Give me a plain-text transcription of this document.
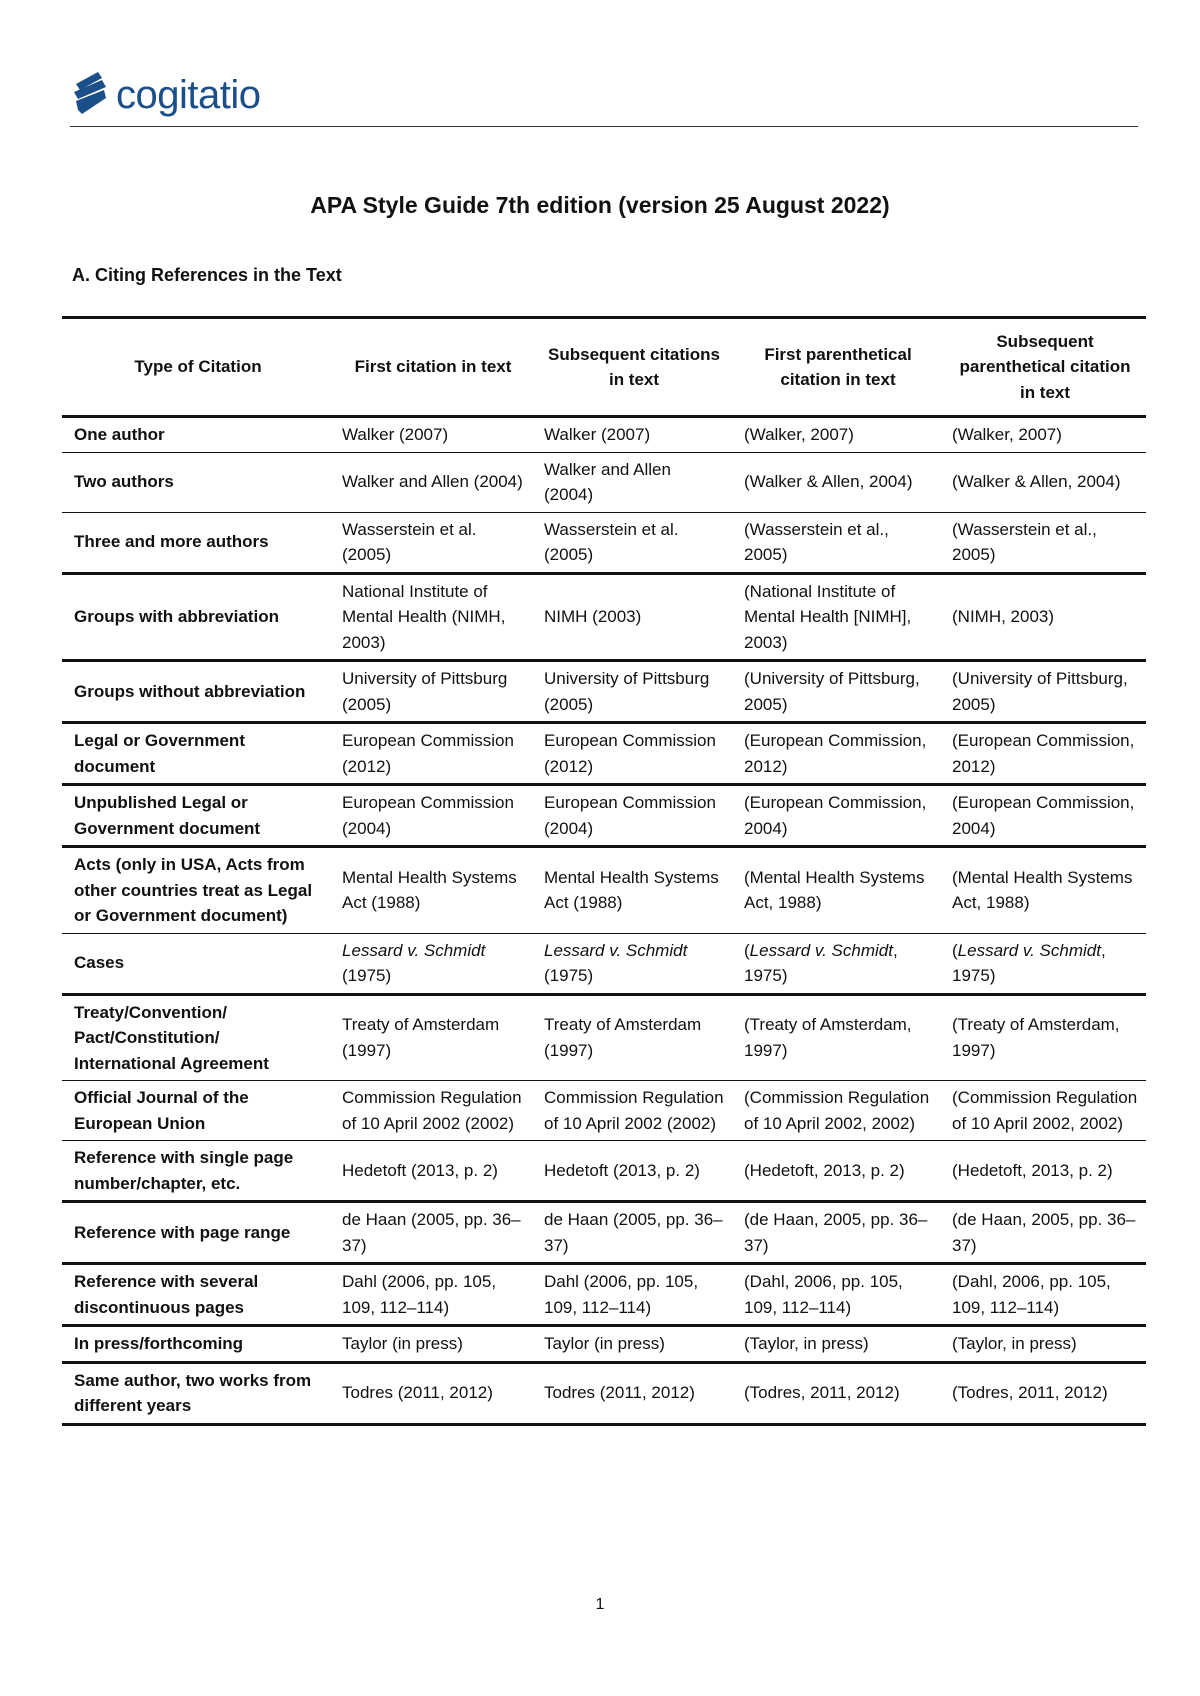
cogitatio
APA Style Guide 7th edition (version 25 August 2022)
A. Citing References in the Text
Type of Citation	First citation in text	Subsequent citations in text	First parenthetical citation in text	Subsequent parenthetical citation in text
One author	Walker (2007)	Walker (2007)	(Walker, 2007)	(Walker, 2007)
Two authors	Walker and Allen (2004)	Walker and Allen (2004)	(Walker & Allen, 2004)	(Walker & Allen, 2004)
Three and more authors	Wasserstein et al. (2005)	Wasserstein et al. (2005)	(Wasserstein et al., 2005)	(Wasserstein et al., 2005)
Groups with abbreviation	National Institute of Mental Health (NIMH, 2003)	NIMH (2003)	(National Institute of Mental Health [NIMH], 2003)	(NIMH, 2003)
Groups without abbreviation	University of Pittsburg (2005)	University of Pittsburg (2005)	(University of Pittsburg, 2005)	(University of Pittsburg, 2005)
Legal or Government document	European Commission (2012)	European Commission (2012)	(European Commission, 2012)	(European Commission, 2012)
Unpublished Legal or Government document	European Commission (2004)	European Commission (2004)	(European Commission, 2004)	(European Commission, 2004)
Acts (only in USA, Acts from other countries treat as Legal or Government document)	Mental Health Systems Act (1988)	Mental Health Systems Act (1988)	(Mental Health Systems Act, 1988)	(Mental Health Systems Act, 1988)
Cases	Lessard v. Schmidt (1975)	Lessard v. Schmidt (1975)	(Lessard v. Schmidt, 1975)	(Lessard v. Schmidt, 1975)
Treaty/Convention/ Pact/Constitution/ International Agreement	Treaty of Amsterdam (1997)	Treaty of Amsterdam (1997)	(Treaty of Amsterdam, 1997)	(Treaty of Amsterdam, 1997)
Official Journal of the European Union	Commission Regulation of 10 April 2002 (2002)	Commission Regulation of 10 April 2002 (2002)	(Commission Regulation of 10 April 2002, 2002)	(Commission Regulation of 10 April 2002, 2002)
Reference with single page number/chapter, etc.	Hedetoft (2013, p. 2)	Hedetoft (2013, p. 2)	(Hedetoft, 2013, p. 2)	(Hedetoft, 2013, p. 2)
Reference with page range	de Haan (2005, pp. 36–37)	de Haan (2005, pp. 36–37)	(de Haan, 2005, pp. 36–37)	(de Haan, 2005, pp. 36–37)
Reference with several discontinuous pages	Dahl (2006, pp. 105, 109, 112–114)	Dahl (2006, pp. 105, 109, 112–114)	(Dahl, 2006, pp. 105, 109, 112–114)	(Dahl, 2006, pp. 105, 109, 112–114)
In press/forthcoming	Taylor (in press)	Taylor (in press)	(Taylor, in press)	(Taylor, in press)
Same author, two works from different years	Todres (2011, 2012)	Todres (2011, 2012)	(Todres, 2011, 2012)	(Todres, 2011, 2012)
1
